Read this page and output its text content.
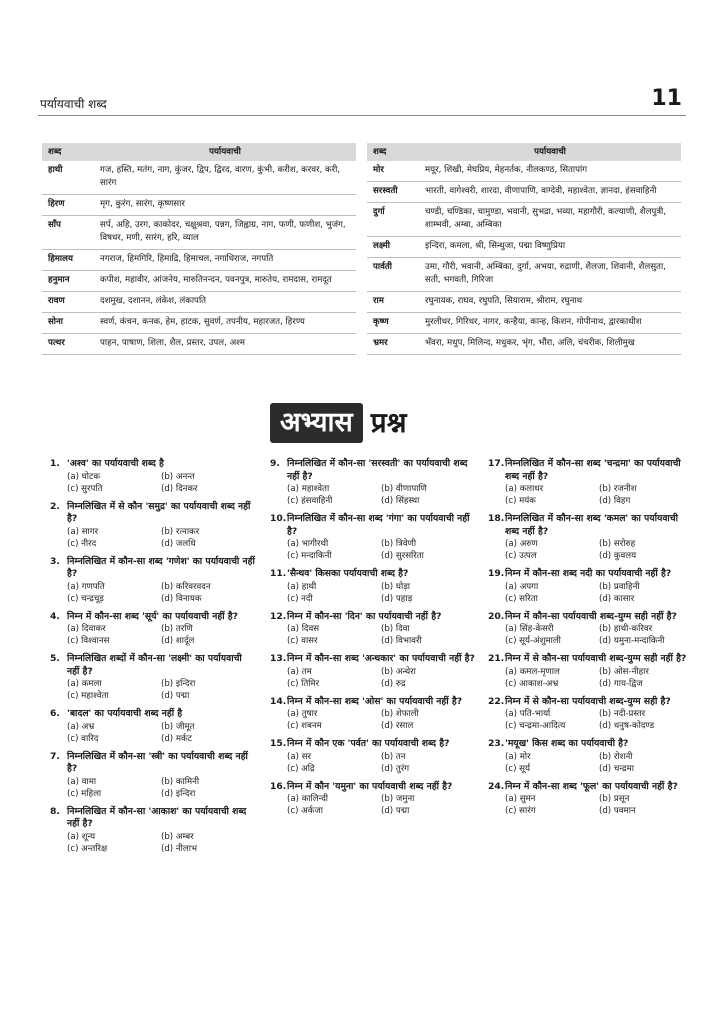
पर्यायवाची शब्द	11
शब्द	पर्यायवाची
हाथी	गज, हस्ति, मतंग, नाग, कुंजर, द्विप, द्विरद, वारण, कुंभी, करीश, करवर, करी, सारंग
हिरण	मृग, कुरंग, सारंग, कृष्णसार
साँप	सर्प, अहि, उरग, काकोदर, चक्षुश्रवा, पन्नग, जिह्वाग्र, नाग, फणी, फणीश, भुजंग, विषधर, मणी, सारंग, हरि, व्याल
हिमालय	नगराज, हिमगिरि, हिमाद्रि, हिमाचल, नगाधिराज, नगपति
हनुमान	कपीश, महावीर, आंजनेय, मारुतिनन्दन, पवनपुत्र, मारुतेय, रामदास, रामदूत
रावण	दशमुख, दशानन, लंकेश, लंकापति
सोना	स्वर्ण, कंचन, कनक, हेम, हाटक, सुवर्ण, तपनीय, महारजत, हिरण्य
पत्थर	पाहन, पाषाण, शिला, शैल, प्रस्तर, उपल, अश्म
शब्द	पर्यायवाची
मोर	मयूर, शिखी, मेघप्रिय, मेहनर्तक, नीलकण्ठ, सितापांग
सरस्वती	भारती, वागेश्वरी, शारदा, वीणापाणि, वाग्देवी, महाश्वेता, ज्ञानदा, हंसवाहिनी
दुर्गा	चण्डी, चण्डिका, चामुण्डा, भवानी, सुभद्रा, भव्या, महागौरी, कल्याणी, शैलपुत्री, शाम्भवी, अम्बा, अम्बिका
लक्ष्मी	इन्दिरा, कमला, श्री, सिन्धुजा, पद्मा विष्णुप्रिया
पार्वती	उमा, गौरी, भवानी, अम्बिका, दुर्गा, अभया, रुद्राणी, शैलजा, शिवानी, शैलसुता, सती, भगवती, गिरिजा
राम	रघुनायक, राघव, रघुपति, सियाराम, श्रीराम, रघुनाथ
कृष्ण	मुरलीधर, गिरिधर, नागर, कन्हैया, कान्ह, किशन, गोपीनाथ, द्वारकाधीश
भ्रमर	भँवरा, मधुप, मिलिन्द, मधुकर, भृंग, भौंरा, अलि, चंचरीक, शिलीमुख
अभ्यास प्रश्न
1. 'अश्व' का पर्यायवाची शब्द है
(a) घोटक	(b) अनन्त
(c) सुरपति	(d) दिनकर
2. निम्नलिखित में से कौन 'समुद्र' का पर्यायवाची शब्द नहीं है?
(a) सागर	(b) रत्नाकर
(c) नीरद	(d) जलधि
3. निम्नलिखित में कौन-सा शब्द 'गणेश' का पर्यायवाची नहीं है?
(a) गणपति	(b) करिवरवदन
(c) चन्द्रचूड़	(d) विनायक
4. निम्न में कौन-सा शब्द 'सूर्य' का पर्यायवाची नहीं है?
(a) दिवाकर	(b) तरणि
(c) विश्वानस	(d) शार्दूल
5. निम्नलिखित शब्दों में कौन-सा 'लक्ष्मी' का पर्यायवाची नहीं है?
(a) कमला	(b) इन्दिरा
(c) महाश्वेता	(d) पद्मा
6. 'बादल' का पर्यायवाची शब्द नहीं है
(a) अभ्र	(b) जीमूत
(c) वारिद	(d) मर्कट
7. निम्नलिखित में कौन-सा 'स्त्री' का पर्यायवाची शब्द नहीं है?
(a) वामा	(b) कामिनी
(c) महिला	(d) इन्दिरा
8. निम्नलिखित में कौन-सा 'आकाश' का पर्यायवाची शब्द नहीं है?
(a) शून्य	(b) अम्बर
(c) अन्तरिक्ष	(d) नीलाभ
9. निम्नलिखित में कौन-सा 'सरस्वती' का पर्यायवाची शब्द नहीं है?
(a) महाश्वेता	(b) वीणापाणि
(c) हंसवाहिनी	(d) सिंहस्था
10. निम्नलिखित में कौन-सा शब्द 'गंगा' का पर्यायवाची नहीं है?
(a) भागीरथी	(b) त्रिवेणी
(c) मन्दाकिनी	(d) सुरसरिता
11. 'सैन्धव' किसका पर्यायवाची शब्द है?
(a) हाथी	(b) घोड़ा
(c) नदी	(d) पहाड़
12. निम्न में कौन-सा 'दिन' का पर्यायवाची नहीं है?
(a) दिवस	(b) दिवा
(c) वासर	(d) विभावरी
13. निम्न में कौन-सा शब्द 'अन्धकार' का पर्यायवाची नहीं है?
(a) तम	(b) अन्धेरा
(c) तिमिर	(d) रुद्र
14. निम्न में कौन-सा शब्द 'ओस' का पर्यायवाची नहीं है?
(a) तुषार	(b) शेफाली
(c) शबनम	(d) रसाल
15. निम्न में कौन एक 'पर्वत' का पर्यायवाची शब्द है?
(a) सर	(b) तन
(c) अद्रि	(d) तुरंग
16. निम्न में कौन 'यमुना' का पर्यायवाची शब्द नहीं है?
(a) कालिन्दी	(b) जमुना
(c) अर्कजा	(d) पद्मा
17. निम्नलिखित में कौन-सा शब्द 'चन्द्रमा' का पर्यायवाची शब्द नहीं है?
(a) कलाधर	(b) रजनीश
(c) मयंक	(d) विहग
18. निम्नलिखित में कौन-सा शब्द 'कमल' का पर्यायवाची शब्द नहीं है?
(a) अरुण	(b) सरोरुह
(c) उत्पल	(d) कुवलय
19. निम्न में कौन-सा शब्द नदी का पर्यायवाची नहीं है?
(a) अपगा	(b) प्रवाहिनी
(c) सरिता	(d) कासार
20. निम्न में कौन-सा पर्यायवाची शब्द-युग्म सही नहीं है?
(a) सिंह-केसरी	(b) हाथी-करिवर
(c) सूर्य-अंशुमाली	(d) यमुना-मन्दाकिनी
21. निम्न में से कौन-सा पर्यायवाची शब्द-युग्म सही नहीं है?
(a) कमल-मृणाल	(b) ओस-नीहार
(c) आकाश-अभ्र	(d) गाय-द्विज
22. निम्न में से कौन-सा पर्यायवाची शब्द-युग्म सही है?
(a) पति-भार्या	(b) नदी-प्रस्तर
(c) चन्द्रमा-आदित्य	(d) धनुष-कोदण्ड
23. 'मयूख' किस शब्द का पर्यायवाची है?
(a) मोर	(b) रोशनी
(c) सूर्य	(d) चन्द्रमा
24. निम्न में कौन-सा शब्द 'फूल' का पर्यायवाची नहीं है?
(a) सुमन	(b) प्रसून
(c) सारंग	(d) पवमान
